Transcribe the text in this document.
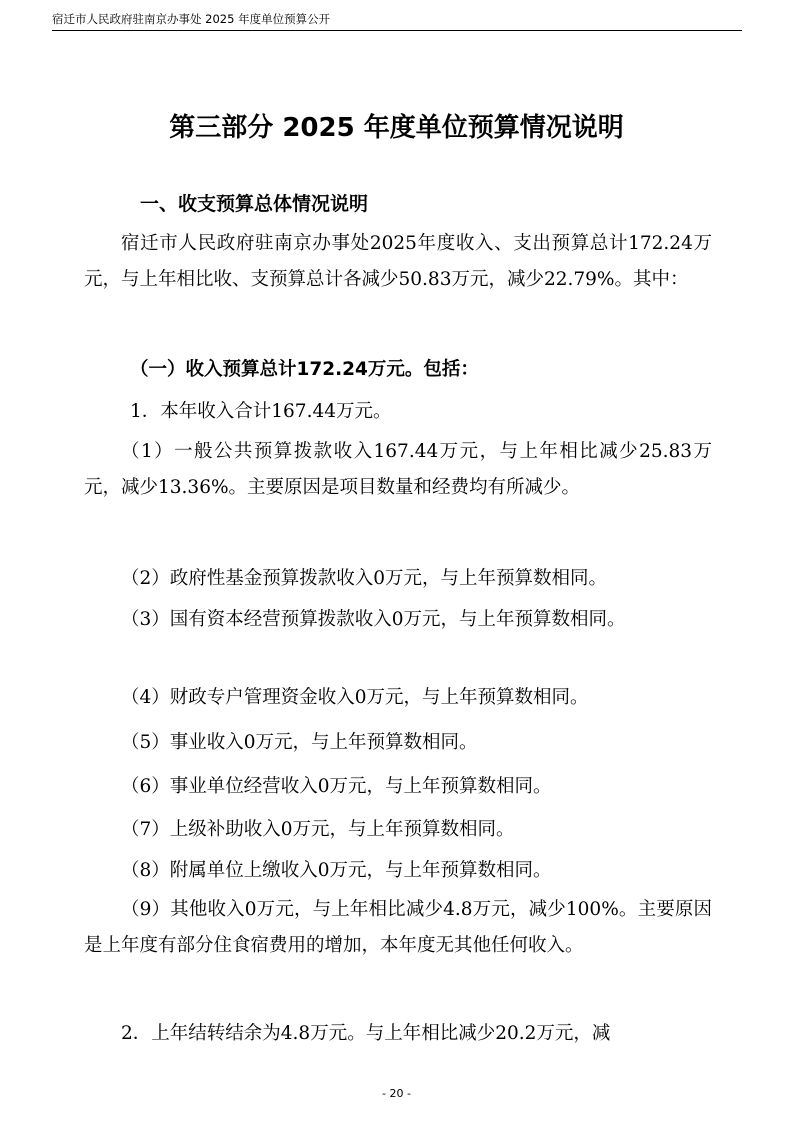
宿迁市人民政府驻南京办事处 2025 年度单位预算公开
第三部分 2025 年度单位预算情况说明
一、收支预算总体情况说明

宿迁市人民政府驻南京办事处2025年度收入、支出预算总计172.24万元，与上年相比收、支预算总计各减少50.83万元，减少22.79%。其中：

（一）收入预算总计172.24万元。包括：
1．本年收入合计167.44万元。

（1）一般公共预算拨款收入167.44万元，与上年相比减少25.83万元，减少13.36%。主要原因是项目数量和经费均有所减少。

（2）政府性基金预算拨款收入0万元，与上年预算数相同。

（3）国有资本经营预算拨款收入0万元，与上年预算数相同。

（4）财政专户管理资金收入0万元，与上年预算数相同。

（5）事业收入0万元，与上年预算数相同。

（6）事业单位经营收入0万元，与上年预算数相同。

（7）上级补助收入0万元，与上年预算数相同。

（8）附属单位上缴收入0万元，与上年预算数相同。

（9）其他收入0万元，与上年相比减少4.8万元，减少100%。主要原因是上年度有部分住食宿费用的增加，本年度无其他任何收入。

2．上年结转结余为4.8万元。与上年相比减少20.2万元，减

- 20 -
